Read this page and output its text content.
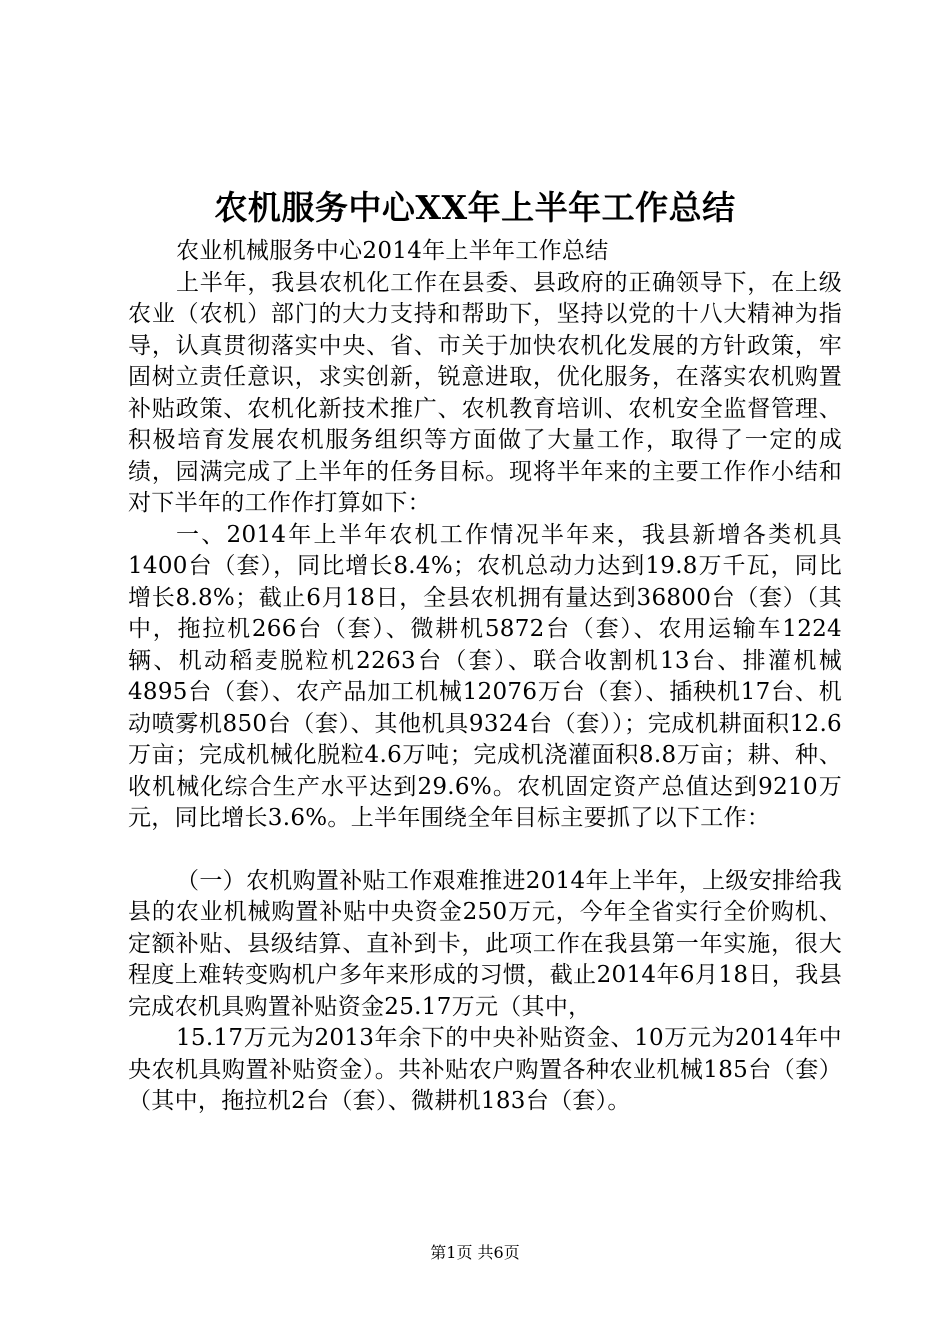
农机服务中心XX年上半年工作总结

农业机械服务中心2014年上半年工作总结

上半年，我县农机化工作在县委、县政府的正确领导下，在上级农业（农机）部门的大力支持和帮助下，坚持以党的十八大精神为指导，认真贯彻落实中央、省、市关于加快农机化发展的方针政策，牢固树立责任意识，求实创新，锐意进取，优化服务，在落实农机购置补贴政策、农机化新技术推广、农机教育培训、农机安全监督管理、积极培育发展农机服务组织等方面做了大量工作，取得了一定的成绩，园满完成了上半年的任务目标。现将半年来的主要工作作小结和对下半年的工作作打算如下：

一、2014年上半年农机工作情况半年来，我县新增各类机具1400台（套），同比增长8.4%；农机总动力达到19.8万千瓦，同比增长8.8%；截止6月18日，全县农机拥有量达到36800台（套）（其中，拖拉机266台（套）、微耕机5872台（套）、农用运输车1224辆、机动稻麦脱粒机2263台（套）、联合收割机13台、排灌机械4895台（套）、农产品加工机械12076万台（套）、插秧机17台、机动喷雾机850台（套）、其他机具9324台（套））；完成机耕面积12.6万亩；完成机械化脱粒4.6万吨；完成机浇灌面积8.8万亩；耕、种、收机械化综合生产水平达到29.6%。农机固定资产总值达到9210万元，同比增长3.6%。上半年围绕全年目标主要抓了以下工作：

（一）农机购置补贴工作艰难推进2014年上半年，上级安排给我县的农业机械购置补贴中央资金250万元，今年全省实行全价购机、定额补贴、县级结算、直补到卡，此项工作在我县第一年实施，很大程度上难转变购机户多年来形成的习惯，截止2014年6月18日，我县完成农机具购置补贴资金25.17万元（其中，

15.17万元为2013年余下的中央补贴资金、10万元为2014年中央农机具购置补贴资金）。共补贴农户购置各种农业机械185台（套）（其中，拖拉机2台（套）、微耕机183台（套）。

第1页 共6页
